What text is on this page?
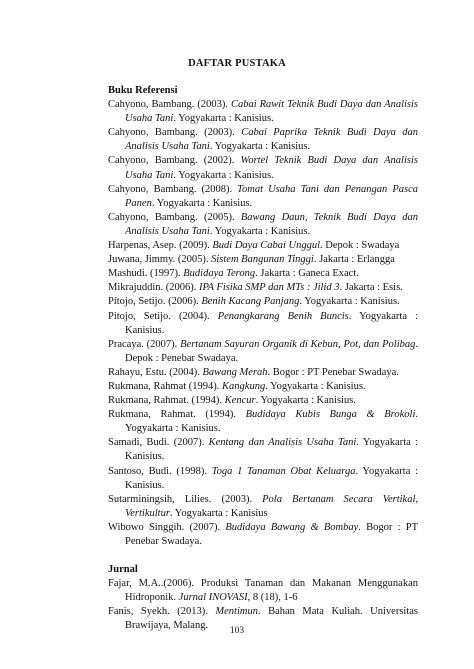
DAFTAR PUSTAKA
Buku Referensi

Cahyono, Bambang. (2003). Cabai Rawit Teknik Budi Daya dan Analisis Usaha Tani. Yogyakarta : Kanisius.

Cahyono, Bambang. (2003). Cabai Paprika Teknik Budi Daya dan Analisis Usaha Tani. Yogyakarta : Kanisius.

Cahyono, Bambang. (2002). Wortel Teknik Budi Daya dan Analisis Usaha Tani. Yogyakarta : Kanisius.

Cahyono, Bambang. (2008). Tomat Usaha Tani dan Penangan Pasca Panen. Yogyakarta : Kanisius.

Cahyono, Bambang. (2005). Bawang Daun, Teknik Budi Daya dan Analisis Usaha Tani. Yogyakarta : Kanisius.

Harpenas, Asep. (2009). Budi Daya Cabai Unggul. Depok : Swadaya

Juwana, Jimmy. (2005). Sistem Bangunan Tinggi. Jakarta : Erlangga

Mashudi. (1997). Budidaya Terong. Jakarta : Ganeca Exact.

Mikrajuddin. (2006). IPA Fisika SMP dan MTs : Jilid 3. Jakarta : Esis.

Pitojo, Setijo. (2006). Benih Kacang Panjang. Yogyakarta : Kanisius.

Pitojo, Setijo. (2004). Penangkarang Benih Buncis. Yogyakarta : Kanisius.

Pracaya. (2007). Bertanam Sayuran Organik di Kebun, Pot, dan Polibag. Depok : Penebar Swadaya.

Rahayu, Estu. (2004). Bawang Merah. Bogor : PT Penebar Swadaya.

Rukmana, Rahmat (1994). Kangkung. Yogyakarta : Kanisius.

Rukmana, Rahmat. (1994). Kencur. Yogyakarta : Kanisius.

Rukmana, Rahmat. (1994). Budidaya Kubis Bunga & Brokoli. Yogyakarta : Kanisius.

Samadi, Budi. (2007). Kentang dan Analisis Usaha Tani. Yogyakarta : Kanisius.

Santoso, Budi. (1998). Toga 1 Tanaman Obat Keluarga. Yogyakarta : Kanisius.

Sutarminingsih, Lilies. (2003). Pola Bertanam Secara Vertikal, Vertikultur. Yogyakarta : Kanisius

Wibowo Singgih. (2007). Budidaya Bawang & Bombay. Bogor : PT Penebar Swadaya.

Jurnal

Fajar, M.A..(2006). Produksi Tanaman dan Makanan Menggunakan Hidroponik. Jurnal INOVASI, 8 (18), 1-6

Fanis, Syekh. (2013). Mentimun. Bahan Mata Kuliah. Universitas Brawijaya, Malang.	103
